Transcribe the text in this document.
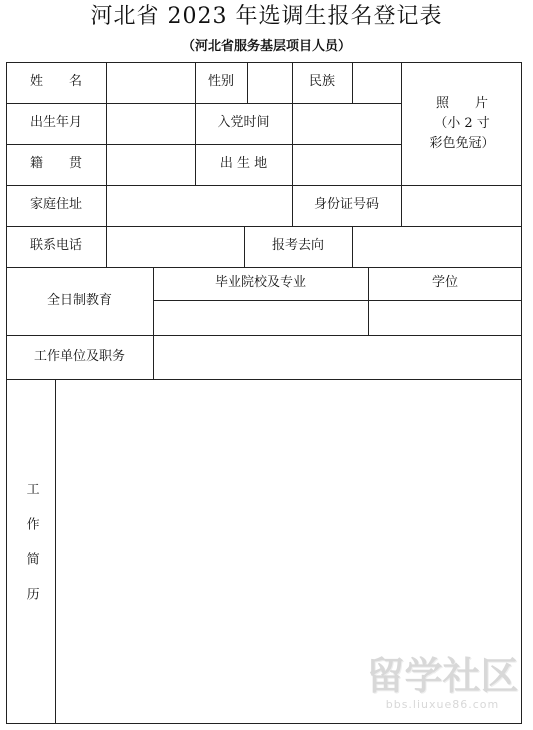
河北省 2023 年选调生报名登记表
（河北省服务基层项目人员）
姓　　名	性别	民族
照　　片
（小 2 寸
彩色免冠）
出生年月	入党时间
籍　　贯	出 生 地
家庭住址	身份证号码
联系电话	报考去向
全日制教育
毕业院校及专业	学位
工作单位及职务
工作简历
留学社区
bbs.liuxue86.com
